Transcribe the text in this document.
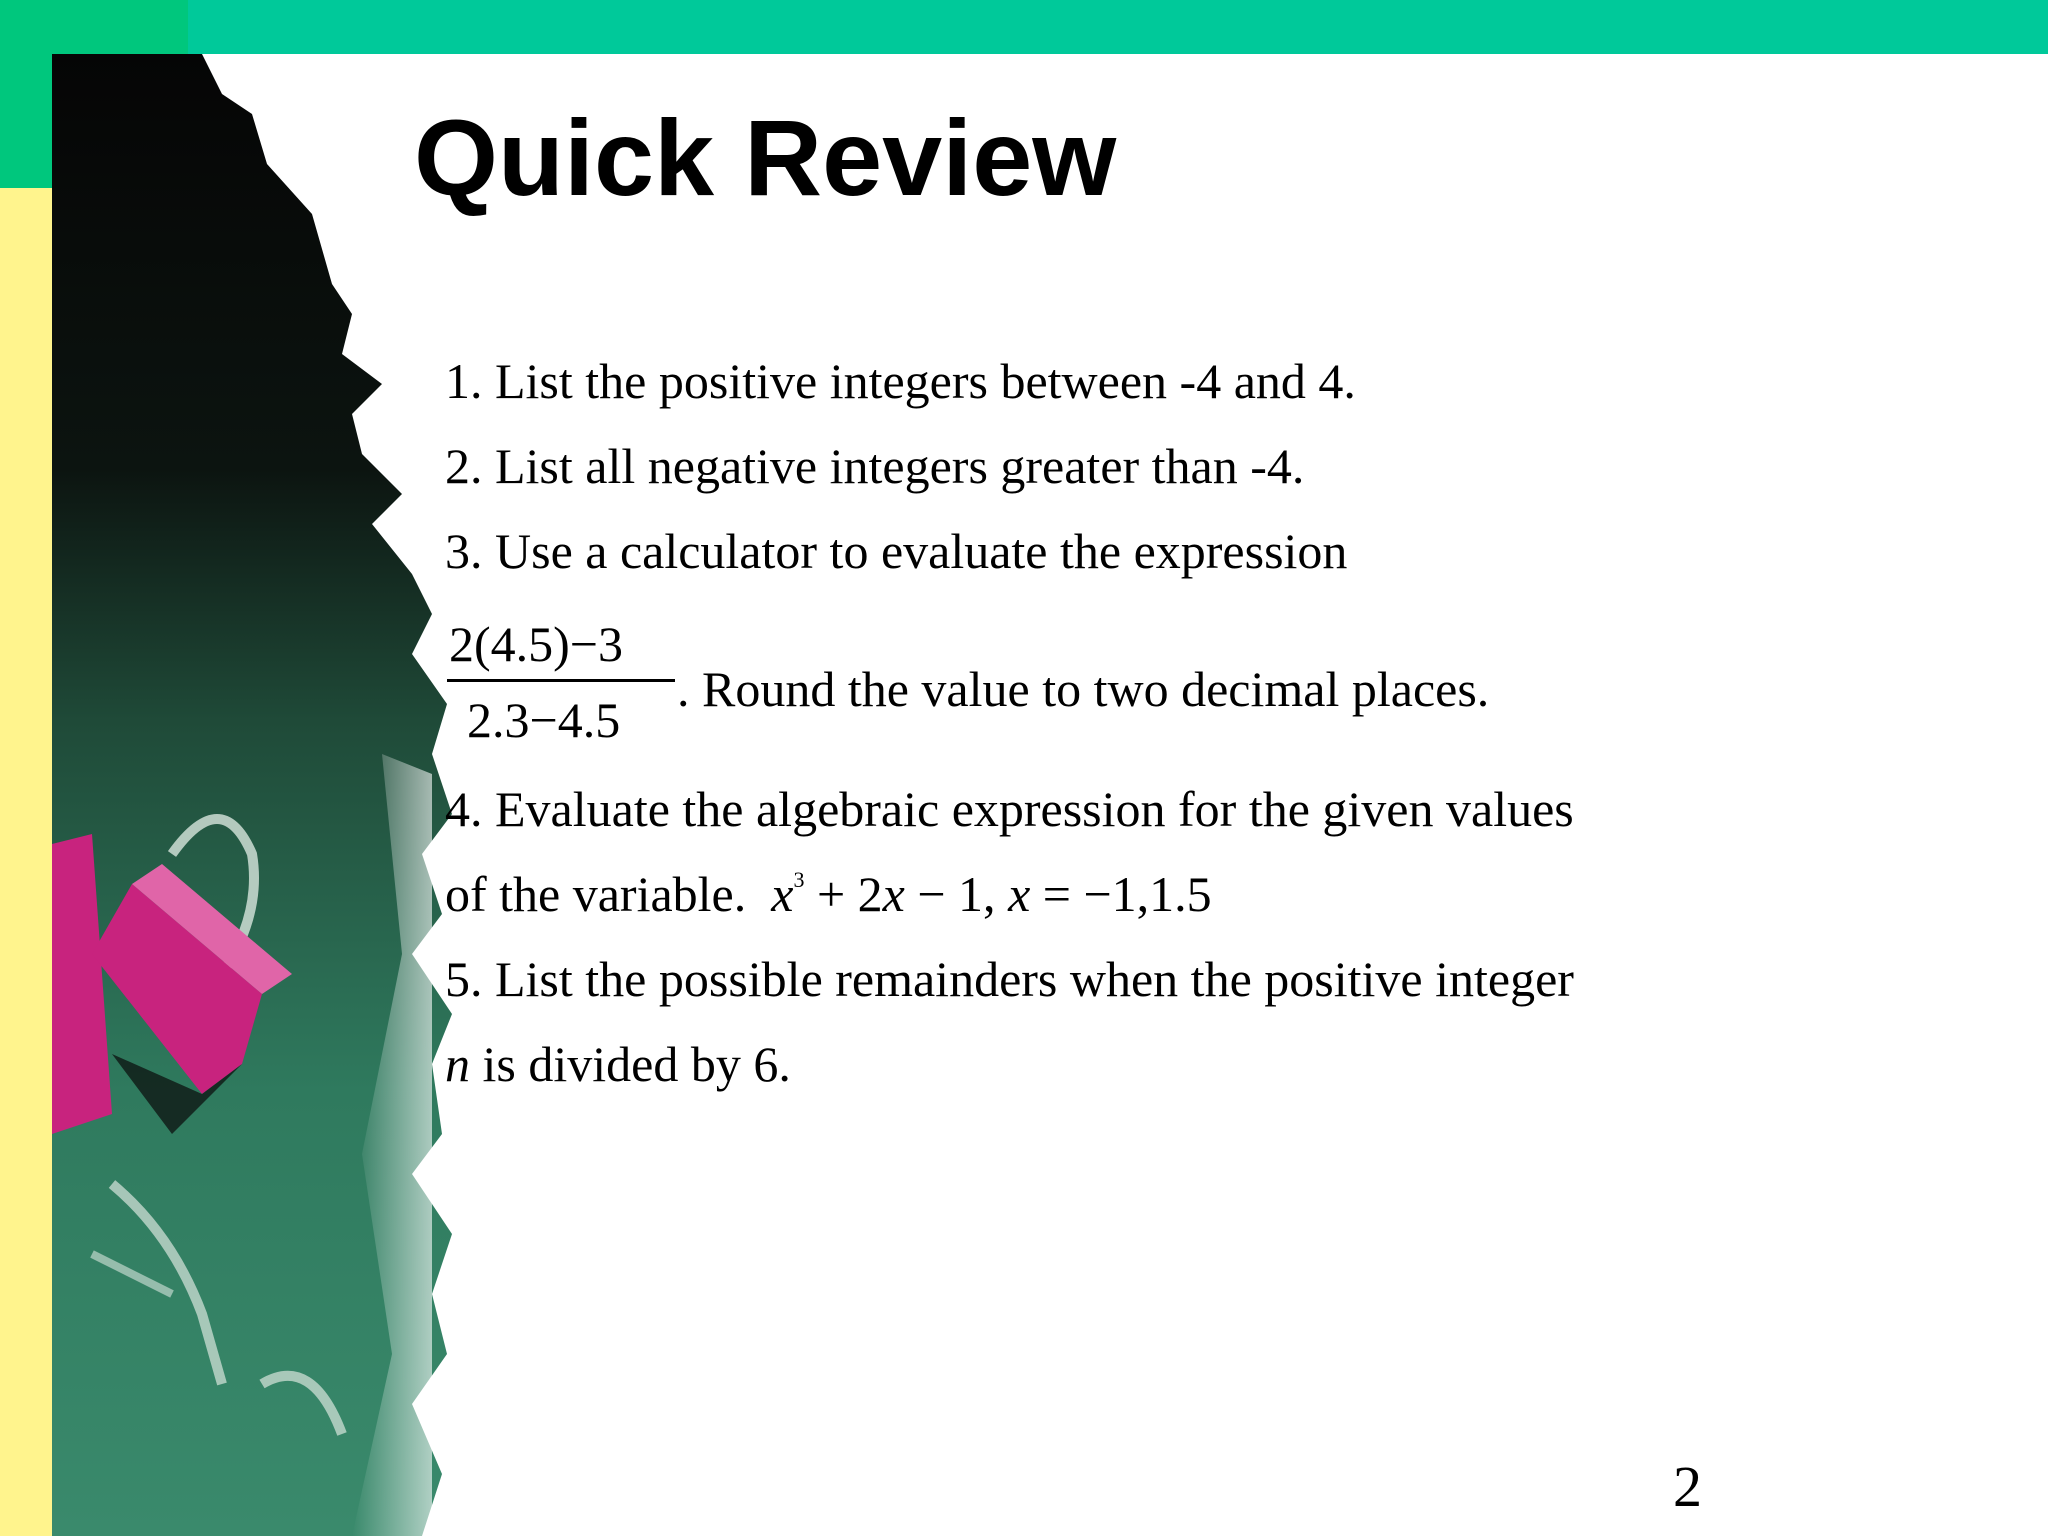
Quick Review
1. List the positive integers between -4 and 4.
2. List all negative integers greater than -4.
3. Use a calculator to evaluate the expression
2(4.5)−3
2.3−4.5
. Round the value to two decimal places.
4. Evaluate the algebraic expression for the given values
of the variable. $x^3 + 2x - 1$, x = −1,1.5
5. List the possible remainders when the positive integer
n is divided by 6.
2
